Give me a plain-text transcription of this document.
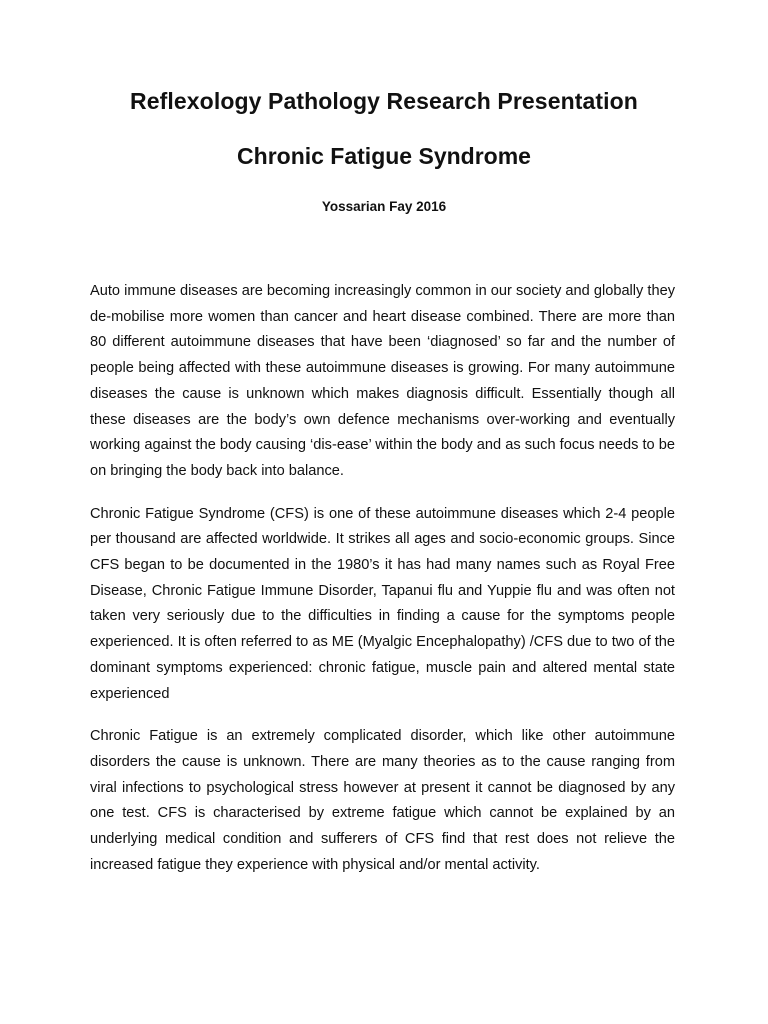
Reflexology Pathology Research Presentation
Chronic Fatigue Syndrome

Yossarian Fay 2016

Auto immune diseases are becoming increasingly common in our society and globally they de-mobilise more women than cancer and heart disease combined. There are more than 80 different autoimmune diseases that have been ‘diagnosed’ so far and the number of people being affected with these autoimmune diseases is growing. For many autoimmune diseases the cause is unknown which makes diagnosis difficult. Essentially though all these diseases are the body’s own defence mechanisms over-working and eventually working against the body causing ‘dis-ease’ within the body and as such focus needs to be on bringing the body back into balance.

Chronic Fatigue Syndrome (CFS) is one of these autoimmune diseases which 2-4 people per thousand are affected worldwide. It strikes all ages and socio-economic groups. Since CFS began to be documented in the 1980’s it has had many names such as Royal Free Disease, Chronic Fatigue Immune Disorder, Tapanui flu and Yuppie flu and was often not taken very seriously due to the difficulties in finding a cause for the symptoms people experienced. It is often referred to as ME (Myalgic Encephalopathy) /CFS due to two of the dominant symptoms experienced: chronic fatigue, muscle pain and altered mental state experienced

Chronic Fatigue is an extremely complicated disorder, which like other autoimmune disorders the cause is unknown. There are many theories as to the cause ranging from viral infections to psychological stress however at present it cannot be diagnosed by any one test. CFS is characterised by extreme fatigue which cannot be explained by an underlying medical condition and sufferers of CFS find that rest does not relieve the increased fatigue they experience with physical and/or mental activity.
